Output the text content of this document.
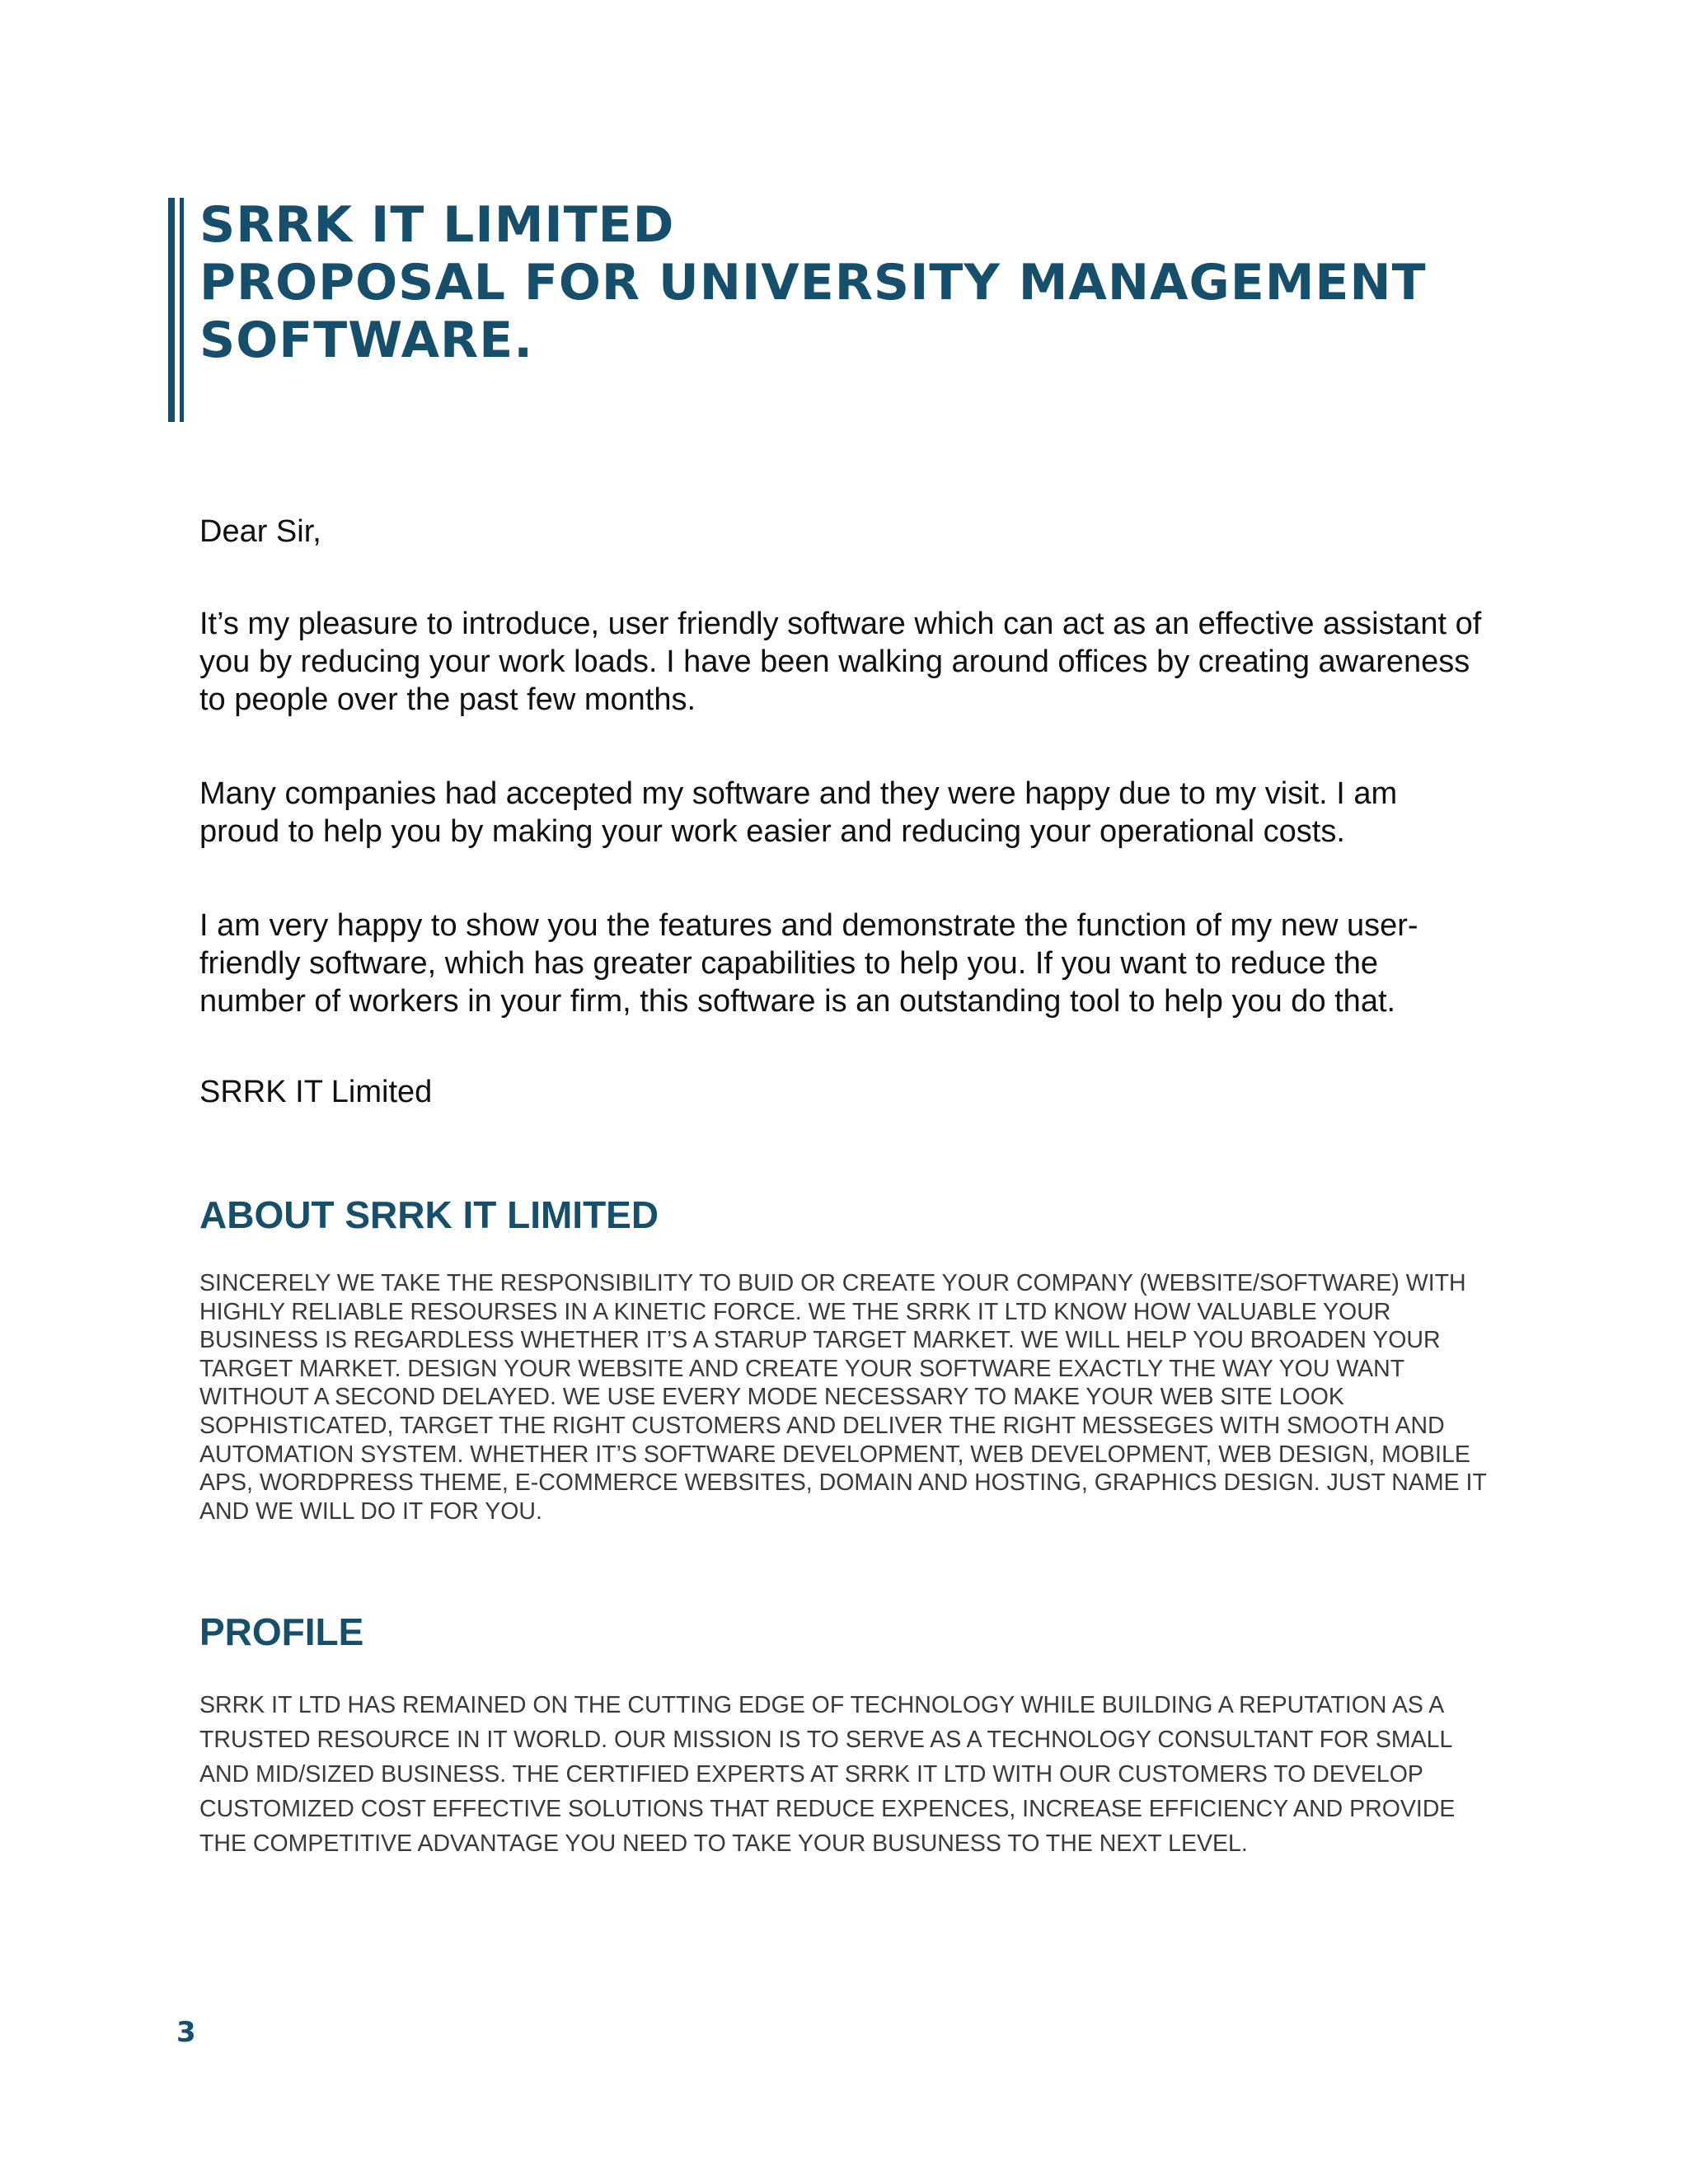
SRRK IT LIMITED
PROPOSAL FOR UNIVERSITY MANAGEMENT
SOFTWARE.

Dear Sir,

It’s my pleasure to introduce, user friendly software which can act as an effective assistant of you by reducing your work loads. I have been walking around offices by creating awareness to people over the past few months.

Many companies had accepted my software and they were happy due to my visit. I am proud to help you by making your work easier and reducing your operational costs.

I am very happy to show you the features and demonstrate the function of my new user-friendly software, which has greater capabilities to help you. If you want to reduce the number of workers in your firm, this software is an outstanding tool to help you do that.

SRRK IT Limited

ABOUT SRRK IT LIMITED

SINCERELY WE TAKE THE RESPONSIBILITY TO BUID OR CREATE YOUR COMPANY (WEBSITE/SOFTWARE) WITH HIGHLY RELIABLE RESOURSES IN A KINETIC FORCE. WE THE SRRK IT LTD KNOW HOW VALUABLE YOUR BUSINESS IS REGARDLESS WHETHER IT’S A STARUP TARGET MARKET. WE WILL HELP YOU BROADEN YOUR TARGET MARKET. DESIGN YOUR WEBSITE AND CREATE YOUR SOFTWARE EXACTLY THE WAY YOU WANT WITHOUT A SECOND DELAYED. WE USE EVERY MODE NECESSARY TO MAKE YOUR WEB SITE LOOK SOPHISTICATED, TARGET THE RIGHT CUSTOMERS AND DELIVER THE RIGHT MESSEGES WITH SMOOTH AND AUTOMATION SYSTEM. WHETHER IT’S SOFTWARE DEVELOPMENT, WEB DEVELOPMENT, WEB DESIGN, MOBILE APS, WORDPRESS THEME, E-COMMERCE WEBSITES, DOMAIN AND HOSTING, GRAPHICS DESIGN. JUST NAME IT AND WE WILL DO IT FOR YOU.

PROFILE

SRRK IT LTD HAS REMAINED ON THE CUTTING EDGE OF TECHNOLOGY WHILE BUILDING A REPUTATION AS A TRUSTED RESOURCE IN IT WORLD. OUR MISSION IS TO SERVE AS A TECHNOLOGY CONSULTANT FOR SMALL AND MID/SIZED BUSINESS. THE CERTIFIED EXPERTS AT SRRK IT LTD WITH OUR CUSTOMERS TO DEVELOP CUSTOMIZED COST EFFECTIVE SOLUTIONS THAT REDUCE EXPENCES, INCREASE EFFICIENCY AND PROVIDE THE COMPETITIVE ADVANTAGE YOU NEED TO TAKE YOUR BUSUNESS TO THE NEXT LEVEL.

3
